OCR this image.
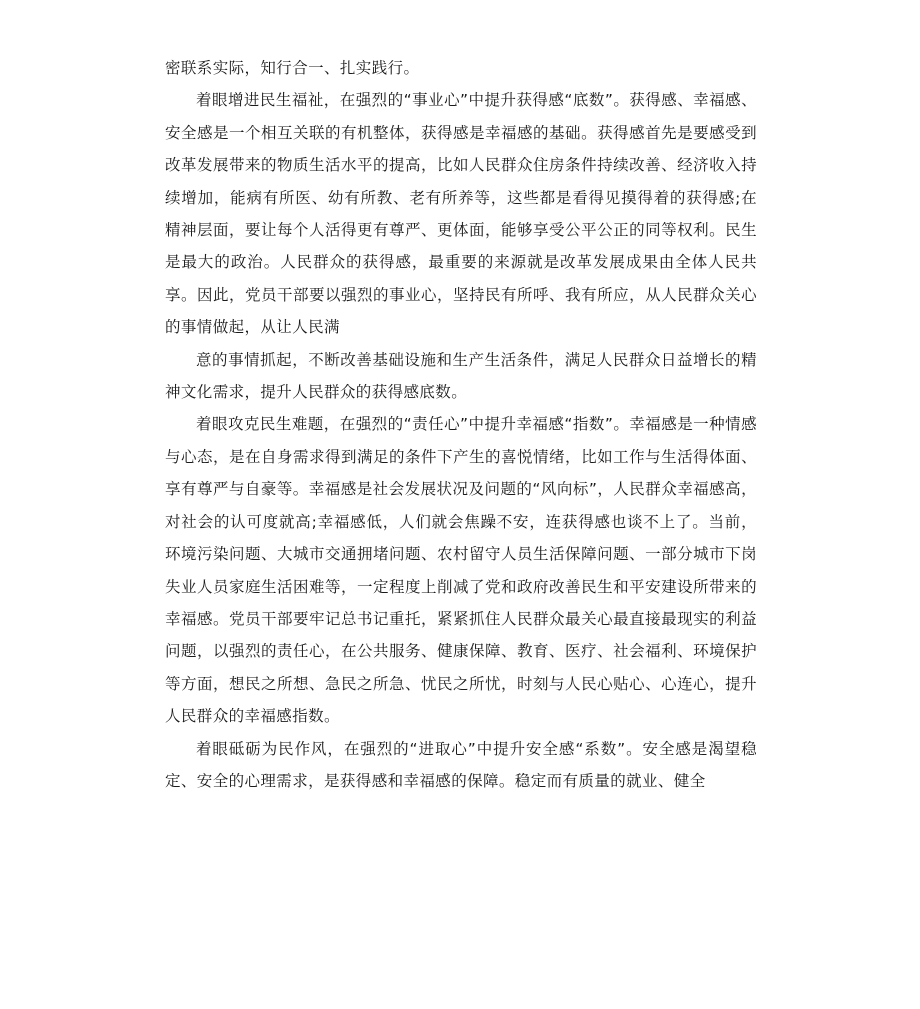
密联系实际，知行合一、扎实践行。

着眼增进民生福祉，在强烈的“事业心”中提升获得感“底数”。获得感、幸福感、安全感是一个相互关联的有机整体，获得感是幸福感的基础。获得感首先是要感受到改革发展带来的物质生活水平的提高，比如人民群众住房条件持续改善、经济收入持续增加，能病有所医、幼有所教、老有所养等，这些都是看得见摸得着的获得感;在精神层面，要让每个人活得更有尊严、更体面，能够享受公平公正的同等权利。民生是最大的政治。人民群众的获得感，最重要的来源就是改革发展成果由全体人民共享。因此，党员干部要以强烈的事业心，坚持民有所呼、我有所应，从人民群众关心的事情做起，从让人民满

意的事情抓起，不断改善基础设施和生产生活条件，满足人民群众日益增长的精神文化需求，提升人民群众的获得感底数。

着眼攻克民生难题，在强烈的“责任心”中提升幸福感“指数”。幸福感是一种情感与心态，是在自身需求得到满足的条件下产生的喜悦情绪，比如工作与生活得体面、享有尊严与自豪等。幸福感是社会发展状况及问题的“风向标”，人民群众幸福感高，对社会的认可度就高;幸福感低，人们就会焦躁不安，连获得感也谈不上了。当前，环境污染问题、大城市交通拥堵问题、农村留守人员生活保障问题、一部分城市下岗失业人员家庭生活困难等，一定程度上削减了党和政府改善民生和平安建设所带来的幸福感。党员干部要牢记总书记重托，紧紧抓住人民群众最关心最直接最现实的利益问题，以强烈的责任心，在公共服务、健康保障、教育、医疗、社会福利、环境保护等方面，想民之所想、急民之所急、忧民之所忧，时刻与人民心贴心、心连心，提升人民群众的幸福感指数。

着眼砥砺为民作风，在强烈的“进取心”中提升安全感“系数”。安全感是渴望稳定、安全的心理需求，是获得感和幸福感的保障。稳定而有质量的就业、健全
